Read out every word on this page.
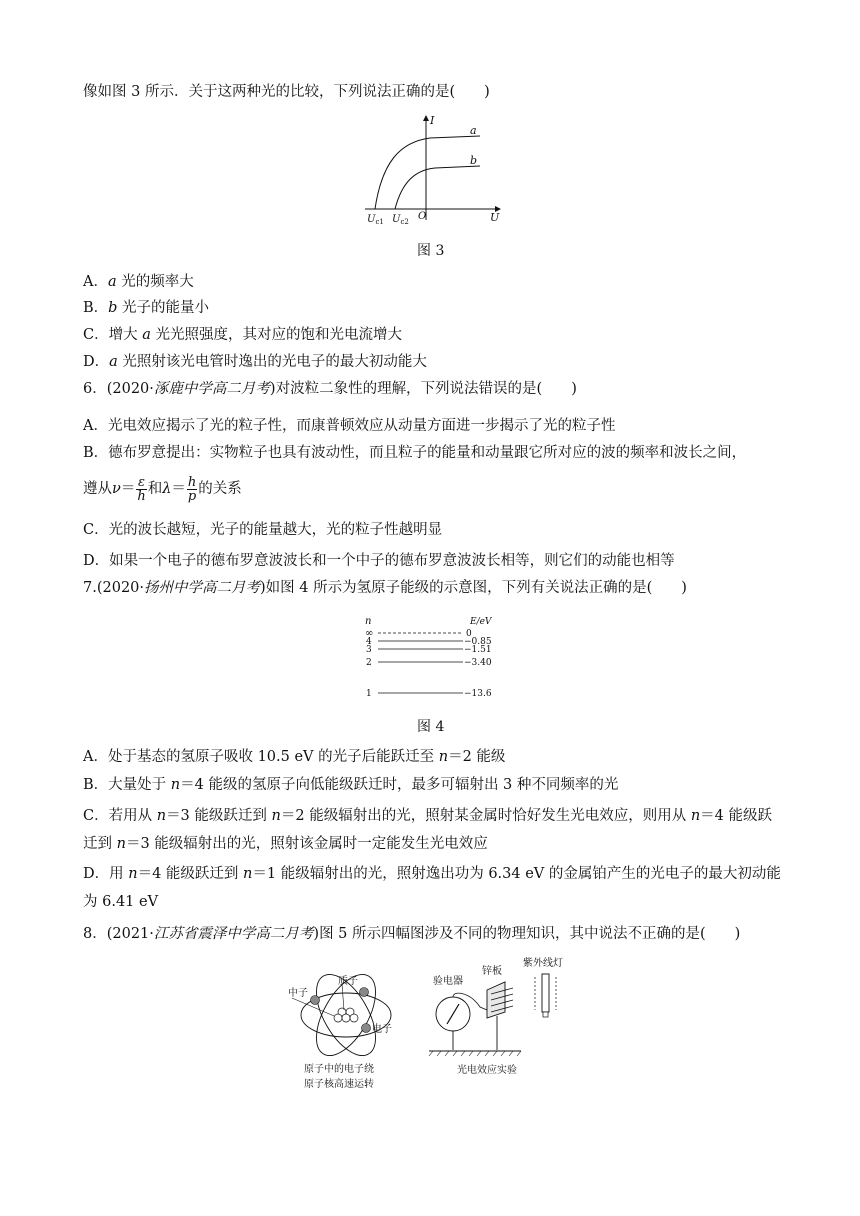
像如图 3 所示．关于这两种光的比较，下列说法正确的是(　　)
I
a
b
O	U
$U_{c1}$ $U_{c2}$
图 3
A．a 光的频率大
B．b 光子的能量小
C．增大 a 光光照强度，其对应的饱和光电流增大
D．a 光照射该光电管时逸出的光电子的最大初动能大
6．(2020·涿鹿中学高二月考)对波粒二象性的理解，下列说法错误的是(　　)
A．光电效应揭示了光的粒子性，而康普顿效应从动量方面进一步揭示了光的粒子性
B．德布罗意提出：实物粒子也具有波动性，而且粒子的能量和动量跟它所对应的波的频率和波长之间，
遵从$\nu= \frac{\varepsilon}{h}$ 和$\lambda= \frac{h}{p}$ 的关系
C．光的波长越短，光子的能量越大，光的粒子性越明显
D．如果一个电子的德布罗意波波长和一个中子的德布罗意波波长相等，则它们的动能也相等
7.(2020·扬州中学高二月考)如图 4 所示为氢原子能级的示意图，下列有关说法正确的是(　　)
n	E/eV
∞
4
3
2
1
0
−0.85
−1.51
−3.40
−13.6
图 4
A．处于基态的氢原子吸收 10.5 eV 的光子后能跃迁至 n＝2 能级
B．大量处于 n＝4 能级的氢原子向低能级跃迁时，最多可辐射出 3 种不同频率的光
C．若用从 n＝3 能级跃迁到 n＝2 能级辐射出的光，照射某金属时恰好发生光电效应，则用从 n＝4 能级跃
迁到 n＝3 能级辐射出的光，照射该金属时一定能发生光电效应
D．用 n＝4 能级跃迁到 n＝1 能级辐射出的光，照射逸出功为 6.34 eV 的金属铂产生的光电子的最大初动能
为 6.41 eV
8．(2021·江苏省震泽中学高二月考)图 5 所示四幅图涉及不同的物理知识，其中说法不正确的是(　　)
质子
中子
电子
原子中的电子绕
原子核高速运转
验电器
锌板
紫外线灯
光电效应实验
